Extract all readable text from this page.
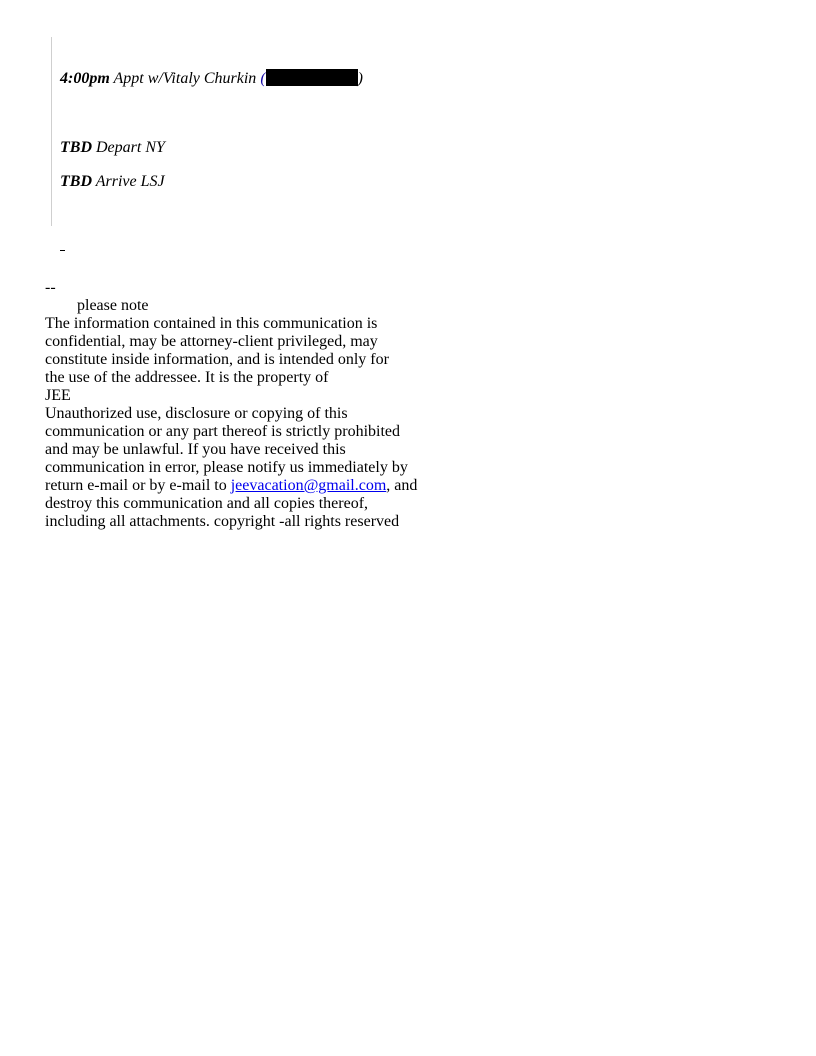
4:00pm Appt w/Vitaly Churkin (	)
TBD Depart NY
TBD Arrive LSJ
--
please note
The information contained in this communication is
confidential, may be attorney-client privileged, may
constitute inside information, and is intended only for
the use of the addressee. It is the property of
JEE
Unauthorized use, disclosure or copying of this
communication or any part thereof is strictly prohibited
and may be unlawful. If you have received this
communication in error, please notify us immediately by
return e-mail or by e-mail to jeevacation@gmail.com, and
destroy this communication and all copies thereof,
including all attachments. copyright -all rights reserved
